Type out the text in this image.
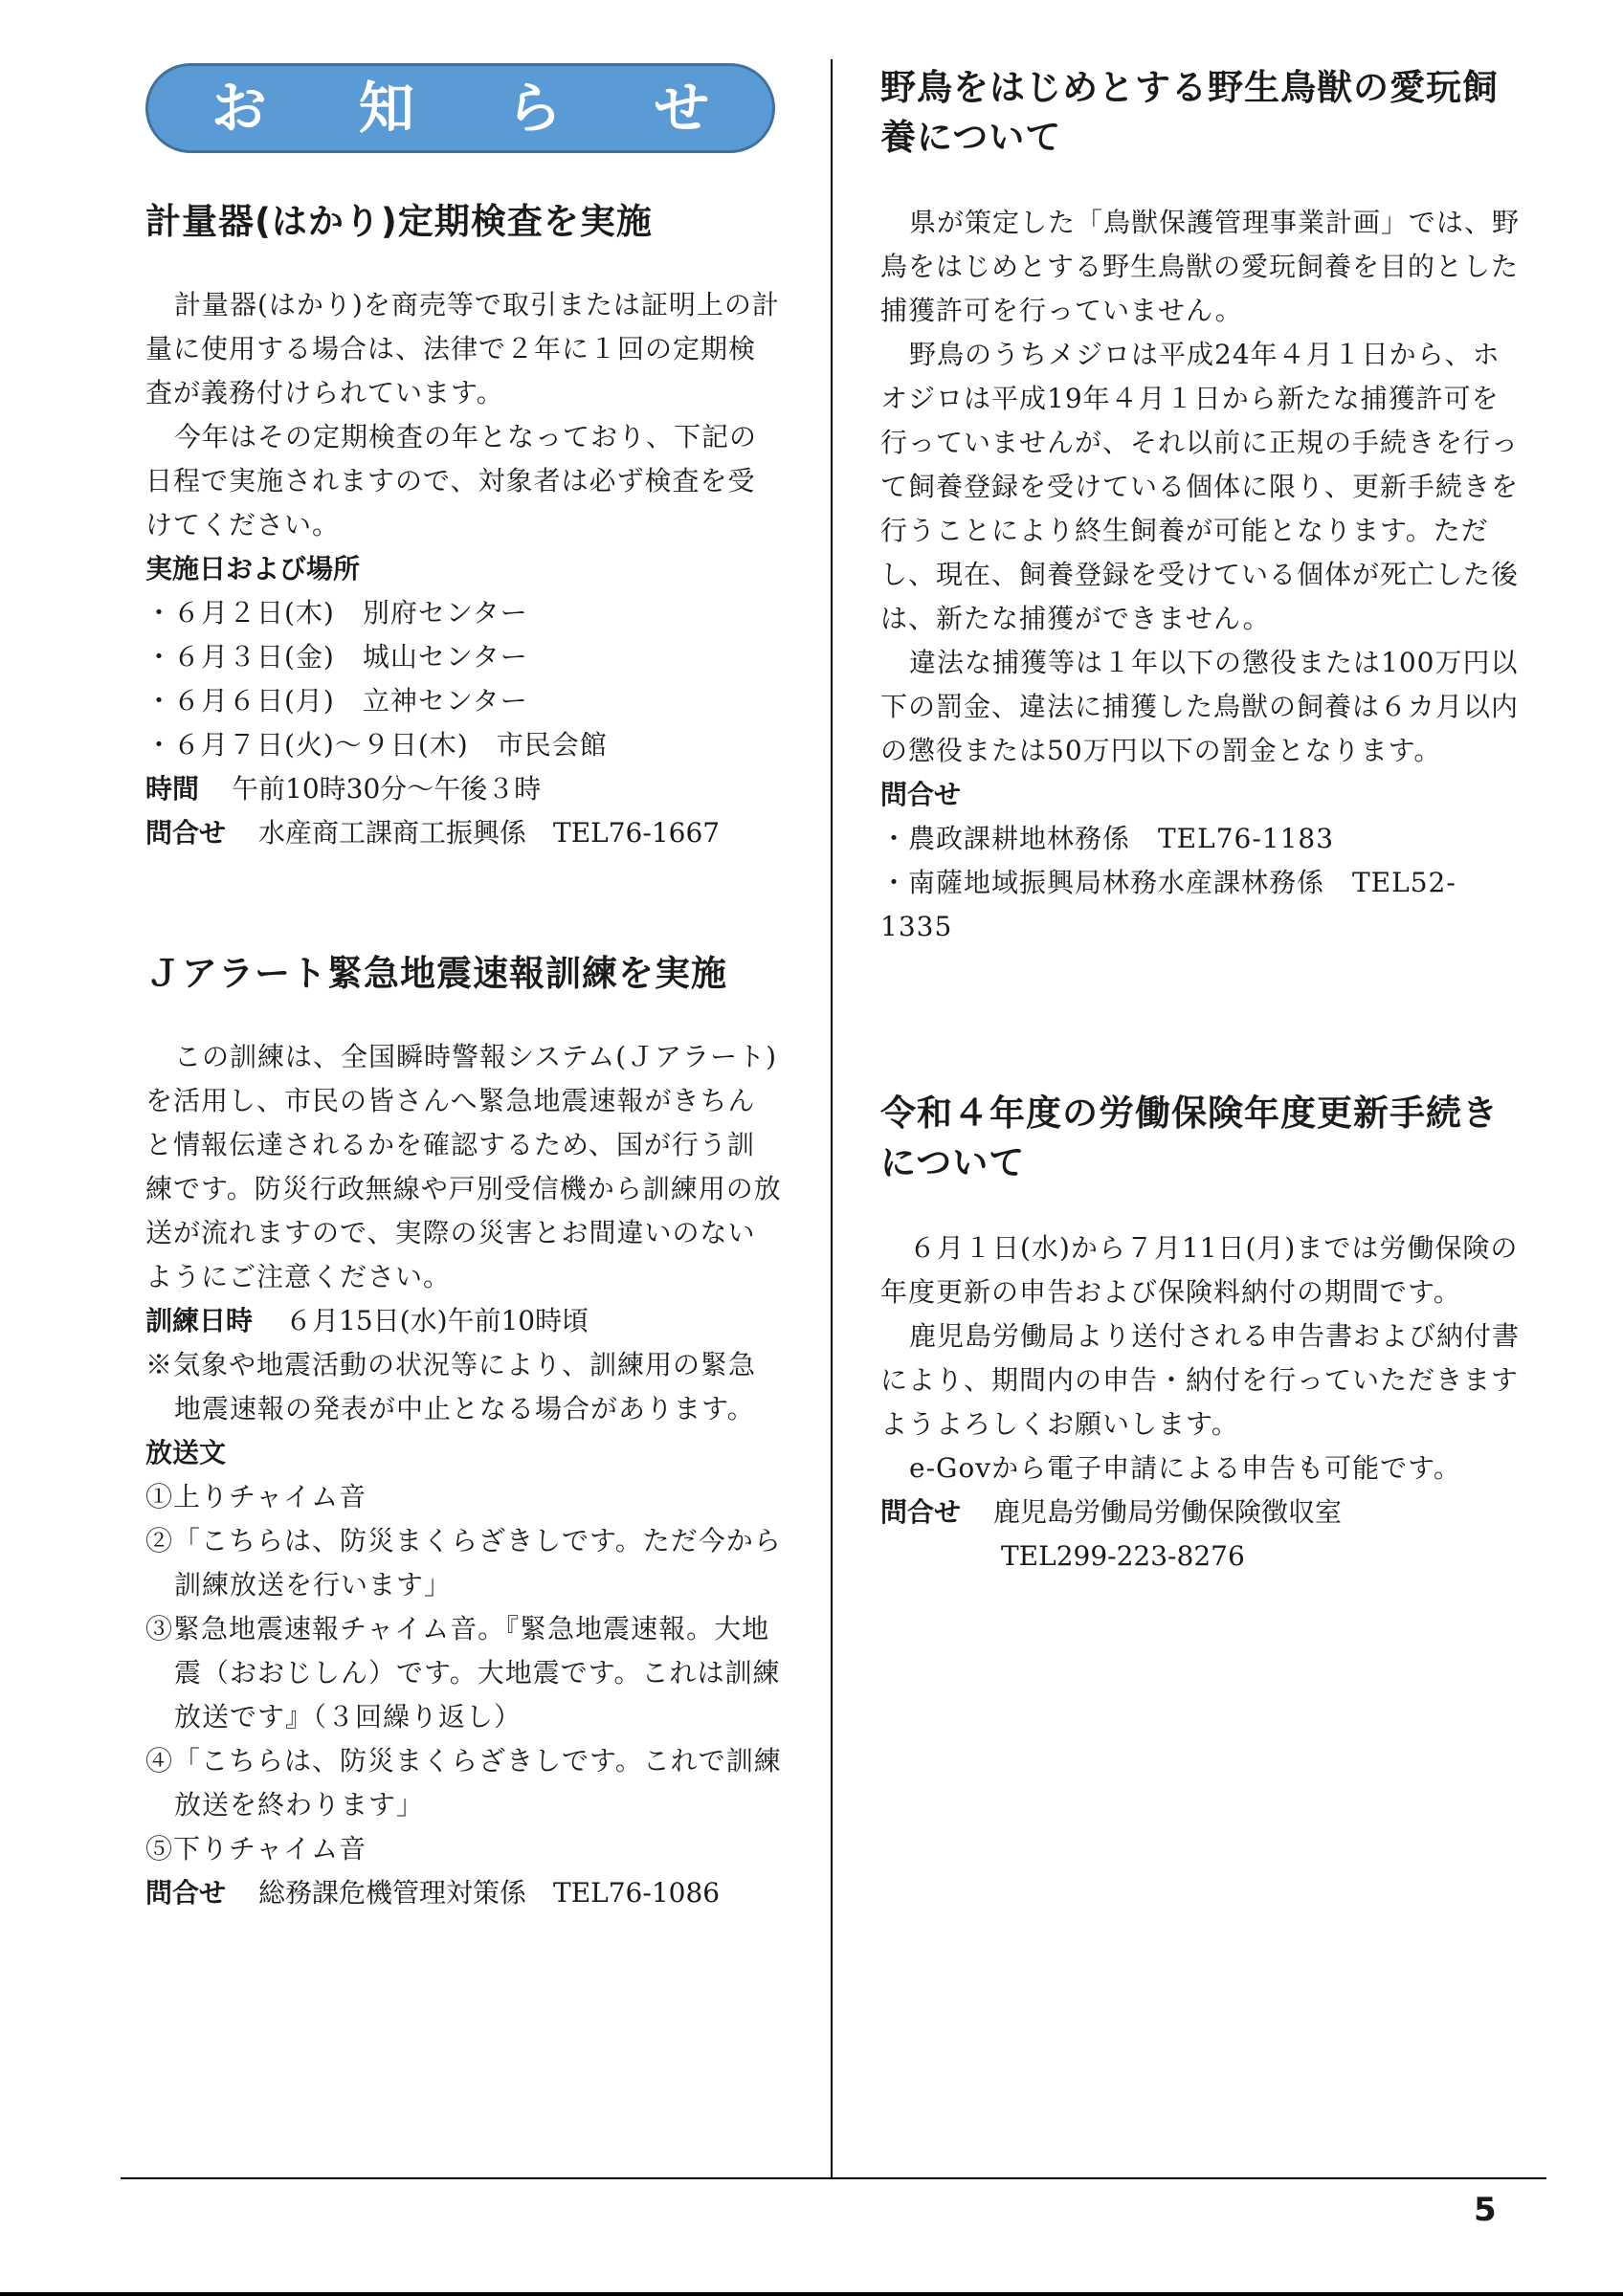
お 知 ら せ
5
計量器(はかり)定期検査を実施

計量器(はかり)を商売等で取引または証明上の計量に使用する場合は、法律で２年に１回の定期検査が義務付けられています。

今年はその定期検査の年となっており、下記の日程で実施されますので、対象者は必ず検査を受けてください。

実施日および場所

・６月２日(木)　別府センター

・６月３日(金)　城山センター

・６月６日(月)　立神センター

・６月７日(火)～９日(木)　市民会館

時間 午前10時30分～午後３時

問合せ 水産商工課商工振興係　TEL76-1667

Ｊアラート緊急地震速報訓練を実施

この訓練は、全国瞬時警報システム(Ｊアラート)を活用し、市民の皆さんへ緊急地震速報がきちんと情報伝達されるかを確認するため、国が行う訓練です。防災行政無線や戸別受信機から訓練用の放送が流れますので、実際の災害とお間違いのないようにご注意ください。

訓練日時 ６月15日(水)午前10時頃

※気象や地震活動の状況等により、訓練用の緊急地震速報の発表が中止となる場合があります。

放送文

①上りチャイム音

②「こちらは、防災まくらざきしです。ただ今から訓練放送を行います」

③緊急地震速報チャイム音。『緊急地震速報。大地震（おおじしん）です。大地震です。これは訓練放送です』（３回繰り返し）

④「こちらは、防災まくらざきしです。これで訓練放送を終わります」

⑤下りチャイム音

問合せ 総務課危機管理対策係　TEL76-1086

野鳥をはじめとする野生鳥獣の愛玩飼養について

県が策定した「鳥獣保護管理事業計画」では、野鳥をはじめとする野生鳥獣の愛玩飼養を目的とした捕獲許可を行っていません。

野鳥のうちメジロは平成24年４月１日から、ホオジロは平成19年４月１日から新たな捕獲許可を行っていませんが、それ以前に正規の手続きを行って飼養登録を受けている個体に限り、更新手続きを行うことにより終生飼養が可能となります。ただし、現在、飼養登録を受けている個体が死亡した後は、新たな捕獲ができません。

違法な捕獲等は１年以下の懲役または100万円以下の罰金、違法に捕獲した鳥獣の飼養は６カ月以内の懲役または50万円以下の罰金となります。

問合せ

・農政課耕地林務係　TEL76-1183

・南薩地域振興局林務水産課林務係　TEL52-1335

令和４年度の労働保険年度更新手続きについて

６月１日(水)から７月11日(月)までは労働保険の年度更新の申告および保険料納付の期間です。

鹿児島労働局より送付される申告書および納付書により、期間内の申告・納付を行っていただきますようよろしくお願いします。

e-Govから電子申請による申告も可能です。

問合せ 鹿児島労働局労働保険徴収室

TEL299-223-8276
